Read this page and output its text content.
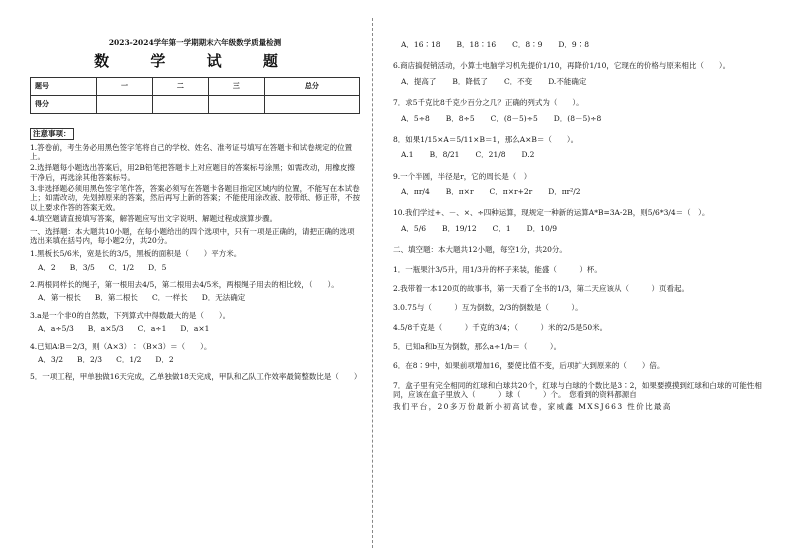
2023-2024学年第一学期期末六年级数学质量检测
数 学 试 题
题号	一	二	三	总分
得分				
注意事项：

1.答卷前，考生务必用黑色签字笔将自己的学校、姓名、准考证号填写在答题卡和试卷规定的位置上。

2.选择题每小题选出答案后，用2B铅笔把答题卡上对应题目的答案标号涂黑；如需改动，用橡皮擦干净后，再选涂其他答案标号。

3.非选择题必须用黑色签字笔作答，答案必须写在答题卡各题目指定区域内的位置，不能写在本试卷上；如需改动，先划掉原来的答案，然后再写上新的答案；不能使用涂改液、胶带纸、修正带，不按以上要求作答的答案无效。

4.填空题请直接填写答案，解答题应写出文字说明、解题过程或演算步骤。

一、选择题：本大题共10小题，在每小题给出的四个选项中，只有一项是正确的，请把正确的选项选出来填在括号内，每小题2分，共20分。
1.黑板长5/6米，宽是长的3/5，黑板的面积是（　　）平方米。
A．2 B．3/5 C．1/2 D．5
2.两根同样长的绳子，第一根用去4/5，第二根用去4/5米，两根绳子用去的相比较，（　　）。
A．第一根长 B．第二根长 C．一样长 D．无法确定
3.a是一个非0的自然数，下列算式中得数最大的是（　　）。
A．a÷5/3 B．a×5/3 C．a÷1 D．a×1
4.已知A∶B＝2/3，则（A×3）∶（B×3）＝（　　）。
A．3/2 B．2/3 C．1/2 D．2
5．一项工程，甲单独做16天完成，乙单独做18天完成，甲队和乙队工作效率最简整数比是（　　）
A．16∶18 B．18∶16 C．8∶9 D．9∶8
6.商店搞促销活动，小算士电脑学习机先提价1/10，再降价1/10，它现在的价格与原来相比（　　）。
A．提高了 B．降低了 C．不变 D.不能确定
7．求5千克比8千克少百分之几？正确的列式为（　　）。
A．5÷8 B．8÷5 C．(8－5)÷5 D．(8－5)÷8
8．如果1/15×A＝5/11×B＝1，那么A×B＝（　　）。
A.1 B．8/21 C．21/8 D.2
9.一个半圆，半径是r，它的周长是（　）
A．πr/4 B．π×r C．π×r+2r D．πr²/2
10.我们学过+、－、×、÷四种运算，现规定一种新的运算A*B=3A-2B，则5/6*3/4＝（　）。
A．5/6 B．19/12 C．1 D．10/9
二、填空题：本大题共12小题，每空1分，共20分。
1．一瓶果汁3/5升，用1/3升的杯子来装，能盛（　　　）杯。
2.我带着一本120页的故事书，第一天看了全书的1/3，第二天应该从（　　　）页看起。
3.0.75与（　　　）互为倒数，2/3的倒数是（　　　）。
4.5/8千克是（　　　）千克的3/4；（　　　）米的2/5是50米。
5．已知a和b互为倒数，那么a÷1/b＝（　　　）。
6．在8∶9中，如果前项增加16，要使比值不变，后项扩大到原来的（　　）倍。
7．盒子里有完全相同的红球和白球共20个，红球与白球的个数比是3∶2，如果要摸摸到红球和白球的可能性相同，应该在盒子里放入（　　　）球（　　　）个。　您看到的资料都源自
我们平台，20多万份最新小初高试卷，家威鑫 MXSJ663 性价比最高
